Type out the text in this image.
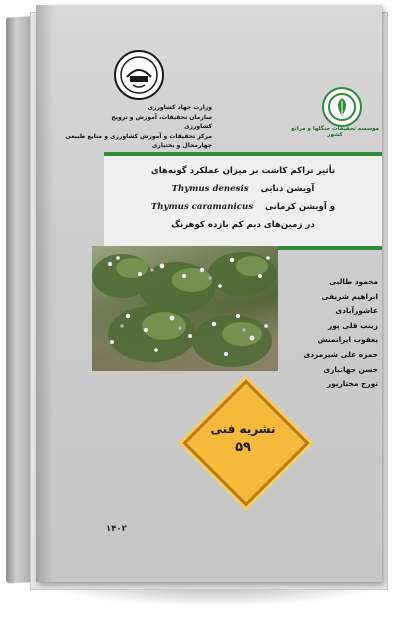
وزارت جهاد کشاورزی
سازمان تحقیقات، آموزش و ترویج کشاورزی
مرکز تحقیقات و آموزش کشاورزی و منابع طبیعی چهارمحال و بختیاری
موسسه تحقیقات جنگلها و مراتع کشور
تأثیر تراکم کاشت بر میزان عملکرد گونه‌های
آویشن دنایی    Thymus denesis
و آویشن کرمانی    Thymus caramanicus
در زمین‌های دیم کم بازده کوهرنگ
محمود طالبی
ابراهیم شریفی عاشورآبادی
زینب قلی پور
یعقوب ایرانمنش
حمزه علی شیرمردی
حسن جهانبازی
تورج مختارپور
نشریه فنی
۵۹
۱۴۰۲
